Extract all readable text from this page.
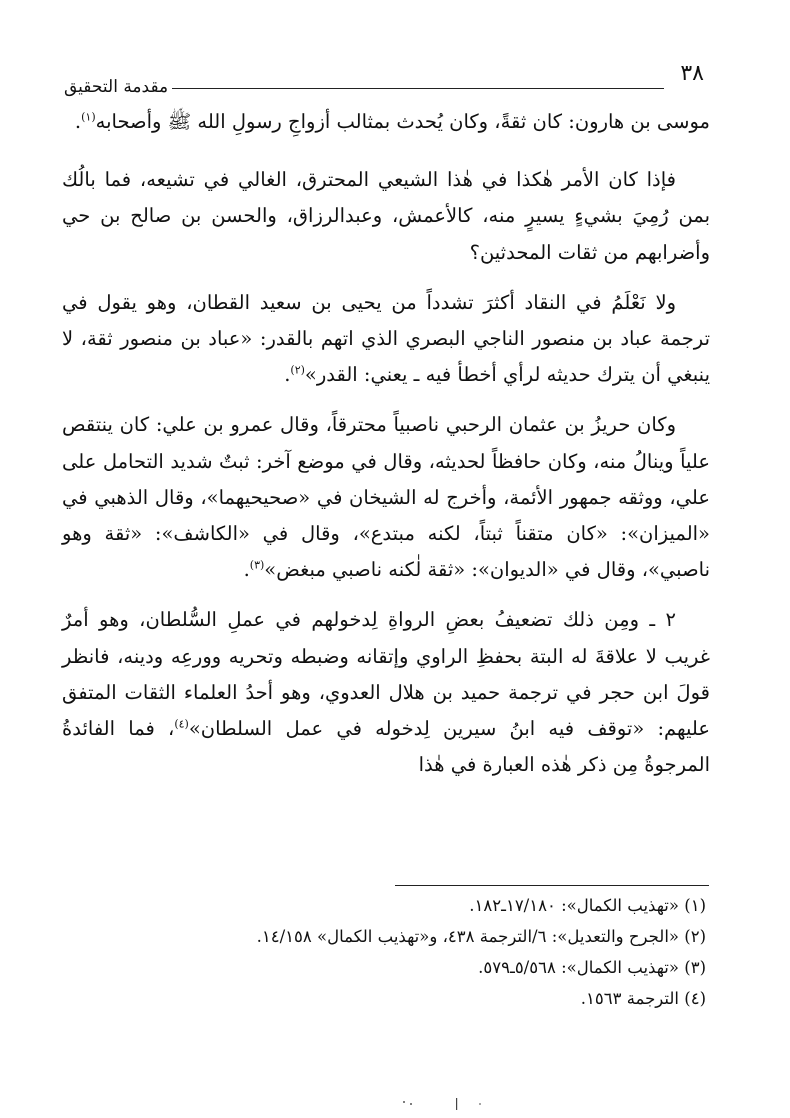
٣٨
مقدمة التحقيق

موسى بن هارون: كان ثقةً، وكان يُحدث بمثالب أزواجِ رسولِ الله ﷺ وأصحابه$^{(١)}$.

فإذا كان الأمر هٰكذا في هٰذا الشيعي المحترق، الغالي في تشيعه، فما بالُك بمن رُمِيَ بشيءٍ يسيرٍ منه، كالأعمش، وعبدالرزاق، والحسن بن صالح بن حي وأضرابهم من ثقات المحدثين؟

ولا نَعْلَمُ في النقاد أكثرَ تشدداً من يحيى بن سعيد القطان، وهو يقول في ترجمة عباد بن منصور الناجي البصري الذي اتهم بالقدر: «عباد بن منصور ثقة، لا ينبغي أن يترك حديثه لرأي أخطأ فيه ـ يعني: القدر»$^{(٢)}$.

وكان حريزُ بن عثمان الرحبي ناصبياً محترقاً، وقال عمرو بن علي: كان ينتقص علياً وينالُ منه، وكان حافظاً لحديثه، وقال في موضع آخر: ثبتٌ شديد التحامل على علي، ووثقه جمهور الأئمة، وأخرج له الشيخان في «صحيحيهما»، وقال الذهبي في «الميزان»: «كان متقناً ثبتاً، لكنه مبتدع»، وقال في «الكاشف»: «ثقة وهو ناصبي»، وقال في «الديوان»: «ثقة لٰكنه ناصبي مبغض»$^{(٣)}$.

٢ ـ ومِن ذلك تضعيفُ بعضِ الرواةِ لِدخولهم في عملِ السُّلطان، وهو أمرٌ غريب لا علاقةَ له البتة بحفظِ الراوي وإتقانه وضبطه وتحريه وورعِه ودينه، فانظر قولَ ابن حجر في ترجمة حميد بن هلال العدوي، وهو أحدُ العلماء الثقات المتفق عليهم: «توقف فيه ابنُ سيرين لِدخوله في عمل السلطان»$^{(٤)}$، فما الفائدةُ المرجوةُ مِن ذكر هٰذه العبارة في هٰذا

(١) «تهذيب الكمال»: ١٧/١٨٠ـ١٨٢.

(٢) «الجرح والتعديل»: ٦/الترجمة ٤٣٨، و«تهذيب الكمال» ١٤/١٥٨.

(٣) «تهذيب الكمال»: ٥/٥٦٨ـ٥٧٩.

(٤) الترجمة ١٥٦٣.
